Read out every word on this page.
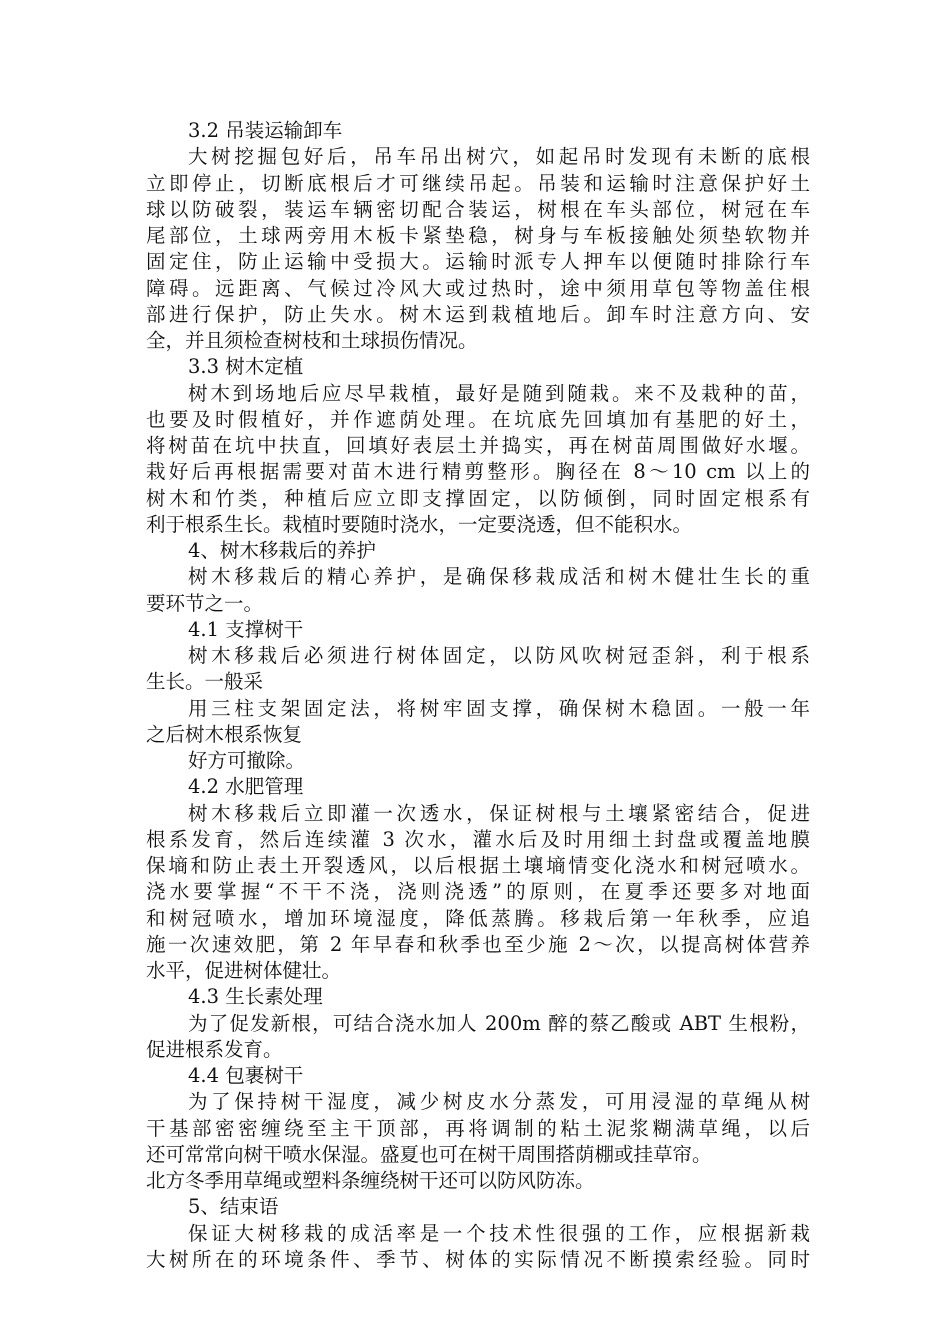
3.2 吊装运输卸车
大树挖掘包好后，吊车吊出树穴，如起吊时发现有未断的底根
立即停止，切断底根后才可继续吊起。吊装和运输时注意保护好土
球以防破裂，装运车辆密切配合装运，树根在车头部位，树冠在车
尾部位，土球两旁用木板卡紧垫稳，树身与车板接触处须垫软物并
固定住，防止运输中受损大。运输时派专人押车以便随时排除行车
障碍。远距离、气候过冷风大或过热时，途中须用草包等物盖住根
部进行保护，防止失水。树木运到栽植地后。卸车时注意方向、安
全，并且须检查树枝和土球损伤情况。
3.3 树木定植
树木到场地后应尽早栽植，最好是随到随栽。来不及栽种的苗，
也要及时假植好，并作遮荫处理。在坑底先回填加有基肥的好土，
将树苗在坑中扶直，回填好表层土并捣实，再在树苗周围做好水堰。
栽好后再根据需要对苗木进行精剪整形。胸径在 8～10 cm 以上的
树木和竹类，种植后应立即支撑固定，以防倾倒，同时固定根系有
利于根系生长。栽植时要随时浇水，一定要浇透，但不能积水。
4、树木移栽后的养护
树木移栽后的精心养护，是确保移栽成活和树木健壮生长的重
要环节之一。
4.1 支撑树干
树木移栽后必须进行树体固定，以防风吹树冠歪斜，利于根系
生长。一般采
用三柱支架固定法，将树牢固支撑，确保树木稳固。一般一年
之后树木根系恢复
好方可撤除。
4.2 水肥管理
树木移栽后立即灌一次透水，保证树根与土壤紧密结合，促进
根系发育，然后连续灌 3 次水，灌水后及时用细土封盘或覆盖地膜
保墒和防止表土开裂透风，以后根据土壤墒情变化浇水和树冠喷水。
浇水要掌握“不干不浇，浇则浇透”的原则，在夏季还要多对地面
和树冠喷水，增加环境湿度，降低蒸腾。移栽后第一年秋季，应追
施一次速效肥，第 2 年早春和秋季也至少施 2～次，以提高树体营养
水平，促进树体健壮。
4.3 生长素处理
为了促发新根，可结合浇水加人 200m 醉的蔡乙酸或 ABT 生根粉，
促进根系发育。
4.4 包裹树干
为了保持树干湿度，减少树皮水分蒸发，可用浸湿的草绳从树
干基部密密缠绕至主干顶部，再将调制的粘土泥浆糊满草绳，以后
还可常常向树干喷水保湿。盛夏也可在树干周围搭荫棚或挂草帘。
北方冬季用草绳或塑料条缠绕树干还可以防风防冻。
5、结束语
保证大树移栽的成活率是一个技术性很强的工作，应根据新栽
大树所在的环境条件、季节、树体的实际情况不断摸索经验。同时
